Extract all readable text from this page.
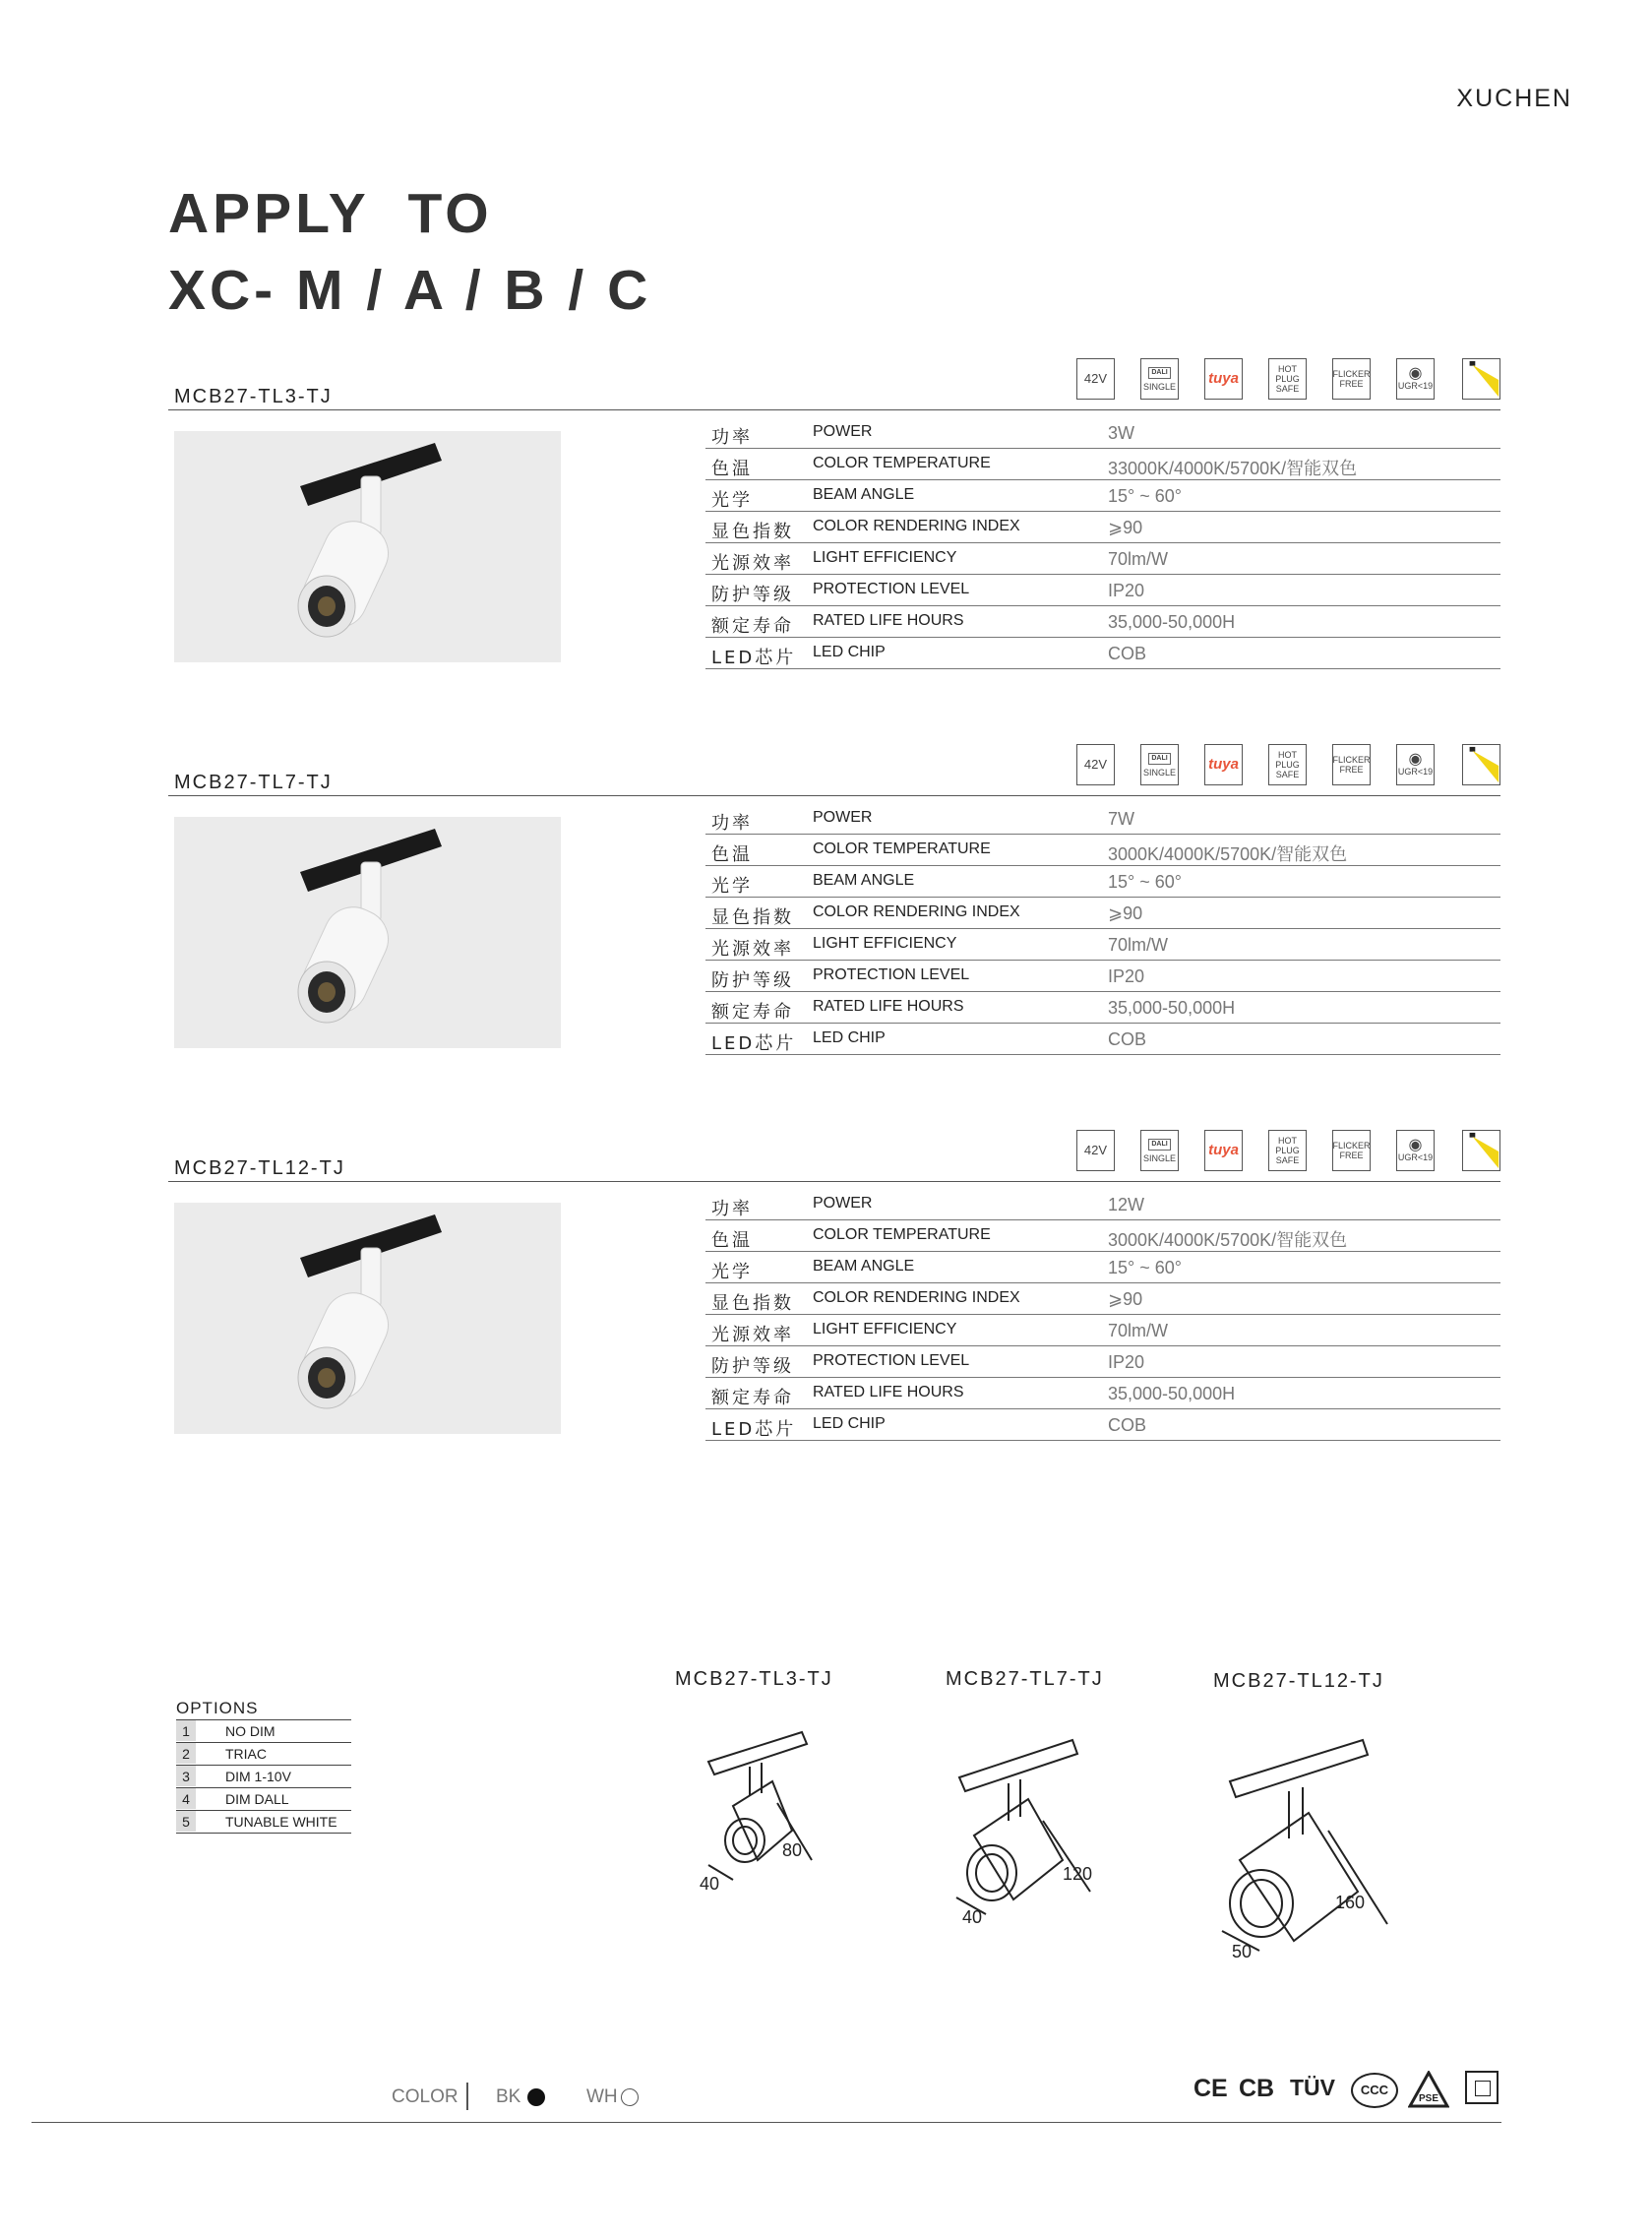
XUCHEN
APPLY  TO
XC- M / A / B / C
MCB27-TL3-TJ
42V	DALI
SINGLE tuya
HOT
PLUG
SAFE
FLICKER
FREE
◉
UGR<19
功率	POWER	3W
色温	COLOR TEMPERATURE	33000K/4000K/5700K/智能双色
光学	BEAM ANGLE	15° ~ 60°
显色指数 COLOR RENDERING INDEX	⩾90
光源效率 LIGHT EFFICIENCY	70lm/W
防护等级 PROTECTION LEVEL	IP20
额定寿命 RATED LIFE HOURS	35,000-50,000H
LED芯片 LED CHIP	COB
MCB27-TL7-TJ
42V	DALI
SINGLE tuya
HOT
PLUG
SAFE
FLICKER
FREE
◉
UGR<19
功率	POWER	7W
色温	COLOR TEMPERATURE	3000K/4000K/5700K/智能双色
光学	BEAM ANGLE	15° ~ 60°
显色指数 COLOR RENDERING INDEX	⩾90
光源效率 LIGHT EFFICIENCY	70lm/W
防护等级 PROTECTION LEVEL	IP20
额定寿命 RATED LIFE HOURS	35,000-50,000H
LED芯片 LED CHIP	COB
MCB27-TL12-TJ
42V	DALI
SINGLE tuya
HOT
PLUG
SAFE
FLICKER
FREE
◉
UGR<19
功率	POWER	12W
色温	COLOR TEMPERATURE	3000K/4000K/5700K/智能双色
光学	BEAM ANGLE	15° ~ 60°
显色指数 COLOR RENDERING INDEX	⩾90
光源效率 LIGHT EFFICIENCY	70lm/W
防护等级 PROTECTION LEVEL	IP20
额定寿命 RATED LIFE HOURS	35,000-50,000H
LED芯片 LED CHIP	COB
OPTIONS
1	NO DIM
2	TRIAC
3	DIM 1-10V
4	DIM DALL
5	TUNABLE WHITE
MCB27-TL3-TJ	MCB27-TL7-TJ	MCB27-TL12-TJ
80
40	120
40
160
50
COLOR BK	WH	CE CB TÜV	CCC
PSE
